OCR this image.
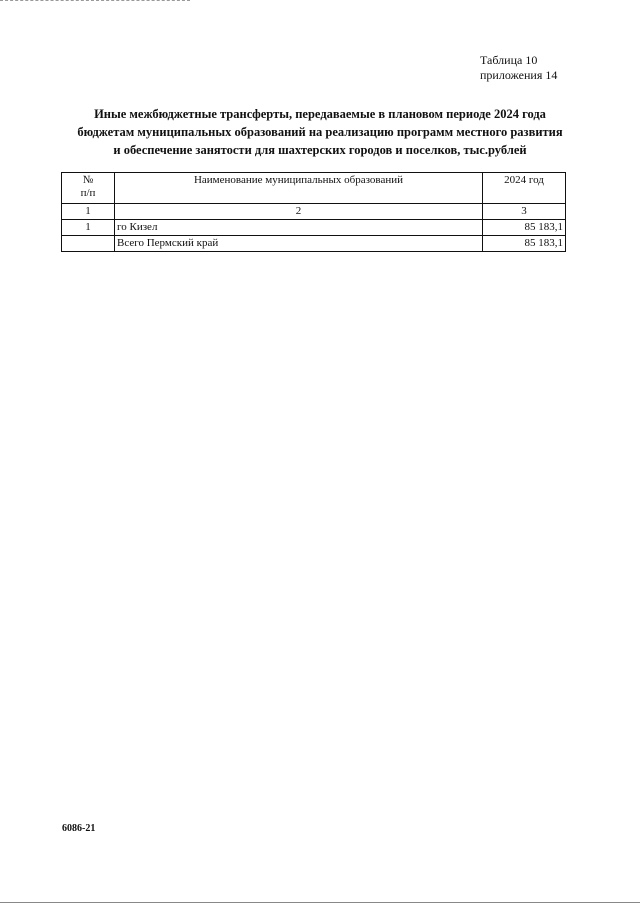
Таблица 10
приложения 14
Иные межбюджетные трансферты, передаваемые в плановом периоде 2024 года
бюджетам муниципальных образований на реализацию программ местного развития
и обеспечение занятости для шахтерских городов и поселков, тыс.рублей
№
п/п	Наименование муниципальных образований	2024 год
1	2	3
1	го Кизел	85 183,1
	Всего Пермский край	85 183,1
6086-21
